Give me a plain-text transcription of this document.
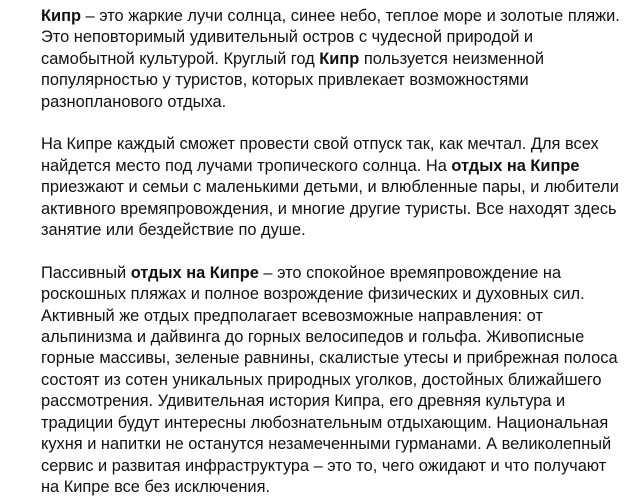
Кипр – это жаркие лучи солнца, синее небо, теплое море и золотые пляжи. Это неповторимый удивительный остров с чудесной природой и самобытной культурой. Круглый год Кипр пользуется неизменной популярностью у туристов, которых привлекает возможностями разнопланового отдыха.

На Кипре каждый сможет провести свой отпуск так, как мечтал. Для всех найдется место под лучами тропического солнца. На отдых на Кипре приезжают и семьи с маленькими детьми, и влюбленные пары, и любители активного времяпровождения, и многие другие туристы. Все находят здесь занятие или бездействие по душе.

Пассивный отдых на Кипре – это спокойное времяпровождение на роскошных пляжах и полное возрождение физических и духовных сил. Активный же отдых предполагает всевозможные направления: от альпинизма и дайвинга до горных велосипедов и гольфа. Живописные горные массивы, зеленые равнины, скалистые утесы и прибрежная полоса состоят из сотен уникальных природных уголков, достойных ближайшего рассмотрения. Удивительная история Кипра, его древняя культура и традиции будут интересны любознательным отдыхающим. Национальная кухня и напитки не останутся незамеченными гурманами. А великолепный сервис и развитая инфраструктура – это то, чего ожидают и что получают на Кипре все без исключения.
